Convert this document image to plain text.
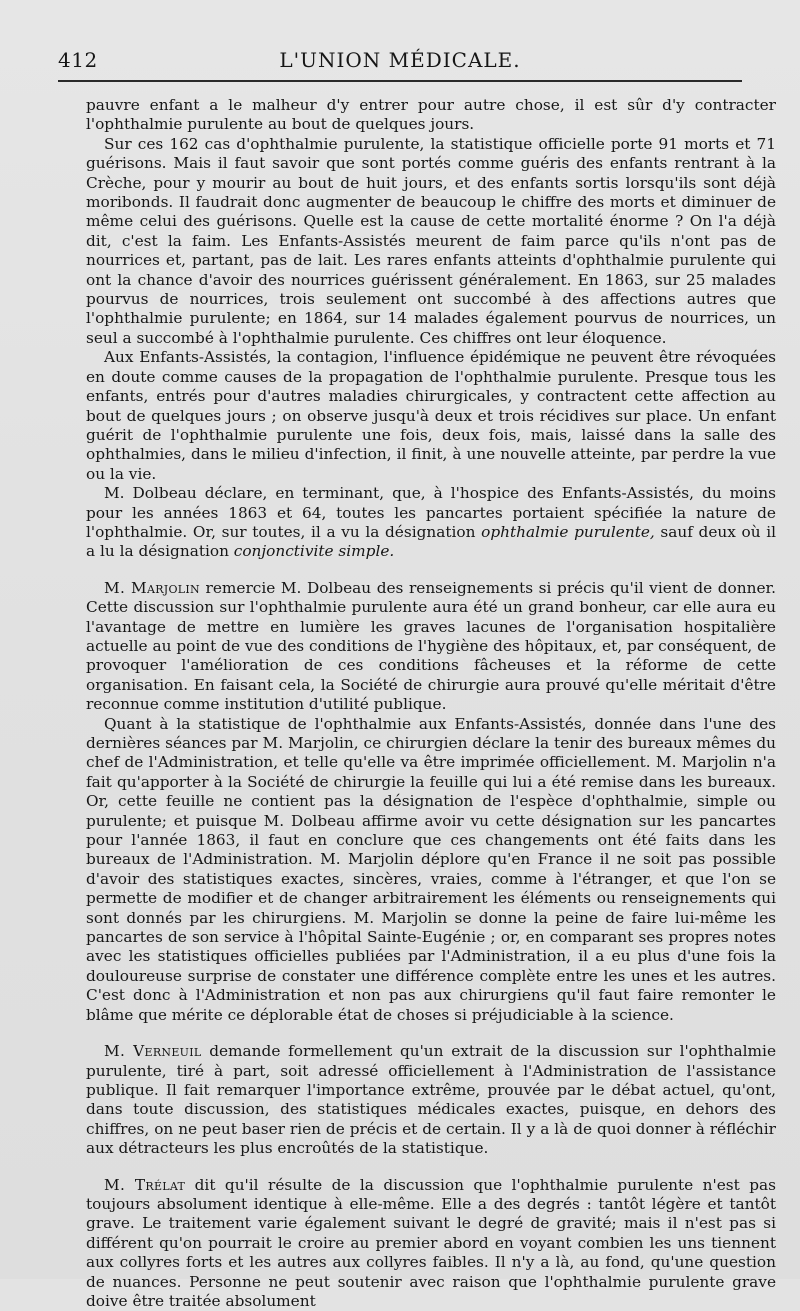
412	L'UNION MÉDICALE.

pauvre enfant a le malheur d'y entrer pour autre chose, il est sûr d'y contracter l'ophthalmie purulente au bout de quelques jours.

Sur ces 162 cas d'ophthalmie purulente, la statistique officielle porte 91 morts et 71 guérisons. Mais il faut savoir que sont portés comme guéris des enfants rentrant à la Crèche, pour y mourir au bout de huit jours, et des enfants sortis lorsqu'ils sont déjà moribonds. Il faudrait donc augmenter de beaucoup le chiffre des morts et diminuer de même celui des guérisons. Quelle est la cause de cette mortalité énorme ? On l'a déjà dit, c'est la faim. Les Enfants-Assistés meurent de faim parce qu'ils n'ont pas de nourrices et, partant, pas de lait. Les rares enfants atteints d'ophthalmie purulente qui ont la chance d'avoir des nourrices guérissent généralement. En 1863, sur 25 malades pourvus de nourrices, trois seulement ont succombé à des affections autres que l'ophthalmie purulente; en 1864, sur 14 malades également pourvus de nourrices, un seul a succombé à l'ophthalmie purulente. Ces chiffres ont leur éloquence.

Aux Enfants-Assistés, la contagion, l'influence épidémique ne peuvent être révoquées en doute comme causes de la propagation de l'ophthalmie purulente. Presque tous les enfants, entrés pour d'autres maladies chirurgicales, y contractent cette affection au bout de quelques jours ; on observe jusqu'à deux et trois récidives sur place. Un enfant guérit de l'ophthalmie purulente une fois, deux fois, mais, laissé dans la salle des ophthalmies, dans le milieu d'infection, il finit, à une nouvelle atteinte, par perdre la vue ou la vie.

M. Dolbeau déclare, en terminant, que, à l'hospice des Enfants-Assistés, du moins pour les années 1863 et 64, toutes les pancartes portaient spécifiée la nature de l'ophthalmie. Or, sur toutes, il a vu la désignation ophthalmie purulente, sauf deux où il a lu la désignation conjonctivite simple.

M. Marjolin remercie M. Dolbeau des renseignements si précis qu'il vient de donner. Cette discussion sur l'ophthalmie purulente aura été un grand bonheur, car elle aura eu l'avantage de mettre en lumière les graves lacunes de l'organisation hospitalière actuelle au point de vue des conditions de l'hygiène des hôpitaux, et, par conséquent, de provoquer l'amélioration de ces conditions fâcheuses et la réforme de cette organisation. En faisant cela, la Société de chirurgie aura prouvé qu'elle méritait d'être reconnue comme institution d'utilité publique.

Quant à la statistique de l'ophthalmie aux Enfants-Assistés, donnée dans l'une des dernières séances par M. Marjolin, ce chirurgien déclare la tenir des bureaux mêmes du chef de l'Administration, et telle qu'elle va être imprimée officiellement. M. Marjolin n'a fait qu'apporter à la Société de chirurgie la feuille qui lui a été remise dans les bureaux. Or, cette feuille ne contient pas la désignation de l'espèce d'ophthalmie, simple ou purulente; et puisque M. Dolbeau affirme avoir vu cette désignation sur les pancartes pour l'année 1863, il faut en conclure que ces changements ont été faits dans les bureaux de l'Administration. M. Marjolin déplore qu'en France il ne soit pas possible d'avoir des statistiques exactes, sincères, vraies, comme à l'étranger, et que l'on se permette de modifier et de changer arbitrairement les éléments ou renseignements qui sont donnés par les chirurgiens. M. Marjolin se donne la peine de faire lui-même les pancartes de son service à l'hôpital Sainte-Eugénie ; or, en comparant ses propres notes avec les statistiques officielles publiées par l'Administration, il a eu plus d'une fois la douloureuse surprise de constater une différence complète entre les unes et les autres. C'est donc à l'Administration et non pas aux chirurgiens qu'il faut faire remonter le blâme que mérite ce déplorable état de choses si préjudiciable à la science.

M. Verneuil demande formellement qu'un extrait de la discussion sur l'ophthalmie purulente, tiré à part, soit adressé officiellement à l'Administration de l'assistance publique. Il fait remarquer l'importance extrême, prouvée par le débat actuel, qu'ont, dans toute discussion, des statistiques médicales exactes, puisque, en dehors des chiffres, on ne peut baser rien de précis et de certain. Il y a là de quoi donner à réfléchir aux détracteurs les plus encroûtés de la statistique.

M. Trélat dit qu'il résulte de la discussion que l'ophthalmie purulente n'est pas toujours absolument identique à elle-même. Elle a des degrés : tantôt légère et tantôt grave. Le traitement varie également suivant le degré de gravité; mais il n'est pas si différent qu'on pourrait le croire au premier abord en voyant combien les uns tiennent aux collyres forts et les autres aux collyres faibles. Il n'y a là, au fond, qu'une question de nuances. Personne ne peut soutenir avec raison que l'ophthalmie purulente grave doive être traitée absolument
